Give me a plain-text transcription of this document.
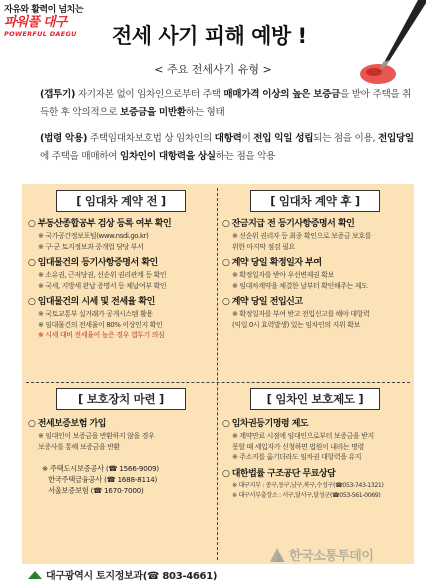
자유와 활력이 넘치는
파워풀 대구
POWERFUL DAEGU	전세 사기 피해 예방 !
< 주요 전세사기 유형 >
(갭투기) 자기자본 없이 임차인으로부터 주택 매매가격 이상의 높은 보증금을 받아 주택을 취득한 후 악의적으로 보증금을 미반환하는 형태
(법령 악용) 주택임대차보호법 상 임차인의 대항력이 전입 익일 성립되는 점을 이용, 전입당일에 주택을 매매하여 임차인이 대항력을 상실하는 점을 악용
[ 임대차 계약 전 ]
○ 부동산종합공부 검상 등록 여부 확인
※ 국가공간정보포털(www.nsdi.go.kr)
※ 구·군 토지정보과 중개업 담당 부서
○ 임대물건의 등기사항증명서 확인
※ 소유권, 근저당권, 선순위 권리관계 등 확인
※ 국세, 지방세 완납 증명서 등 체납여부 확인
○ 임대물건의 시세 및 전세율 확인
※ 국토교통부 실거래가 공개시스템 활용
※ 임대물건의 전세율이 80% 이상인지 확인
※ 시세 대비 전세율이 높은 경우 갭투기 의심
[ 임대차 계약 후 ]
○ 잔금지급 전 등기사항증명서 확인
※ 선순위 권리자 등 최종 확인으로 보증금 보호를
위한 마지막 점검 필요
○ 계약 당일 확정일자 부여
※ 확정일자를 받아 우선변제권 확보
※ 임대차계약을 체결한 날부터 확인해주는 제도
○ 계약 당일 전입신고
※ 확정일자를 부여 받고 전입신고를 해야 대항력
(익일 0시 효력발생) 있는 임차인의 지위 확보
[ 보호장치 마련 ]
○ 전세보증보험 가입
※ 임대인이 보증금을 반환하지 않을 경우
보증사를 통해 보증금을 반환
※ 주택도시보증공사 (☎ 1566-9009)
한국주택금융공사 (☎ 1688-8114)
서울보증보험 (☎ 1670-7000)
[ 임차인 보호제도 ]
○ 임차권등기명령 제도
※ 계약만료 시점에 임대인으로부터 보증금을 받지
못할 때 세입자가 신청하면 법원이 내리는 명령
※ 주소지를 옮기더라도 임차권 대항력을 유지
○ 대한법률 구조공단 무료상담
※ 대구지부 : 중구,동구,남구,북구,수성구(☎053-743-1321)
※ 대구서부출장소 : 서구,달서구,달성군(☎053-561-0069)
한국소통투데이
대구광역시 토지정보과(☎ 803-4661)
